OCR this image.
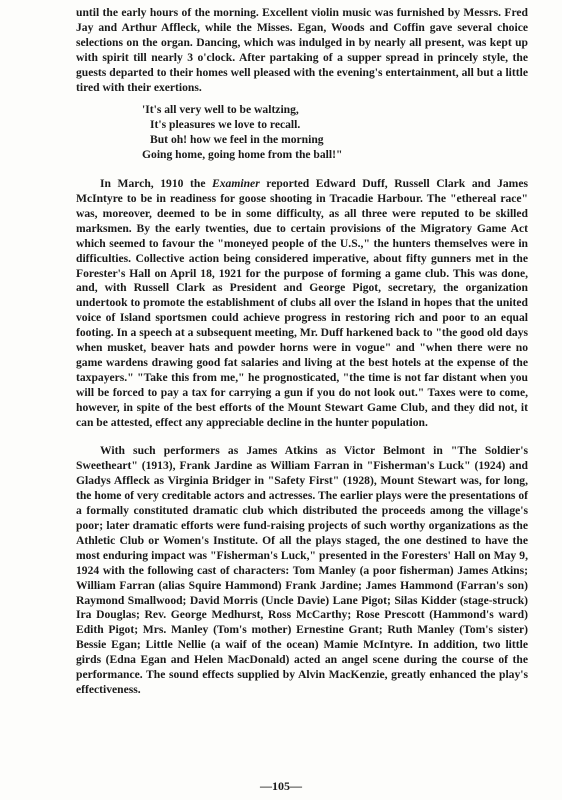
until the early hours of the morning. Excellent violin music was furnished by Messrs. Fred Jay and Arthur Affleck, while the Misses. Egan, Woods and Coffin gave several choice selections on the organ. Dancing, which was indulged in by nearly all present, was kept up with spirit till nearly 3 o'clock. After partaking of a supper spread in princely style, the guests departed to their homes well pleased with the evening's entertainment, all but a little tired with their exertions.

'It's all very well to be waltzing,
It's pleasures we love to recall.
But oh! how we feel in the morning
Going home, going home from the ball!"

In March, 1910 the Examiner reported Edward Duff, Russell Clark and James McIntyre to be in readiness for goose shooting in Tracadie Harbour. The "ethereal race" was, moreover, deemed to be in some difficulty, as all three were reputed to be skilled marksmen. By the early twenties, due to certain provisions of the Migratory Game Act which seemed to favour the "moneyed people of the U.S.," the hunters themselves were in difficulties. Collective action being considered imperative, about fifty gunners met in the Forester's Hall on April 18, 1921 for the purpose of forming a game club. This was done, and, with Russell Clark as President and George Pigot, secretary, the organization undertook to promote the establishment of clubs all over the Island in hopes that the united voice of Island sportsmen could achieve progress in restoring rich and poor to an equal footing. In a speech at a subsequent meeting, Mr. Duff harkened back to "the good old days when musket, beaver hats and powder horns were in vogue" and "when there were no game wardens drawing good fat salaries and living at the best hotels at the expense of the taxpayers." "Take this from me," he prognosticated, "the time is not far distant when you will be forced to pay a tax for carrying a gun if you do not look out." Taxes were to come, however, in spite of the best efforts of the Mount Stewart Game Club, and they did not, it can be attested, effect any appreciable decline in the hunter population.

With such performers as James Atkins as Victor Belmont in "The Soldier's Sweetheart" (1913), Frank Jardine as William Farran in "Fisherman's Luck" (1924) and Gladys Affleck as Virginia Bridger in "Safety First" (1928), Mount Stewart was, for long, the home of very creditable actors and actresses. The earlier plays were the presentations of a formally constituted dramatic club which distributed the proceeds among the village's poor; later dramatic efforts were fund-raising projects of such worthy organizations as the Athletic Club or Women's Institute. Of all the plays staged, the one destined to have the most enduring impact was "Fisherman's Luck," presented in the Foresters' Hall on May 9, 1924 with the following cast of characters: Tom Manley (a poor fisherman) James Atkins; William Farran (alias Squire Hammond) Frank Jardine; James Hammond (Farran's son) Raymond Smallwood; David Morris (Uncle Davie) Lane Pigot; Silas Kidder (stage-struck) Ira Douglas; Rev. George Medhurst, Ross McCarthy; Rose Prescott (Hammond's ward) Edith Pigot; Mrs. Manley (Tom's mother) Ernestine Grant; Ruth Manley (Tom's sister) Bessie Egan; Little Nellie (a waif of the ocean) Mamie McIntyre. In addition, two little girds (Edna Egan and Helen MacDonald) acted an angel scene during the course of the performance. The sound effects supplied by Alvin MacKenzie, greatly enhanced the play's effectiveness.

—105—
